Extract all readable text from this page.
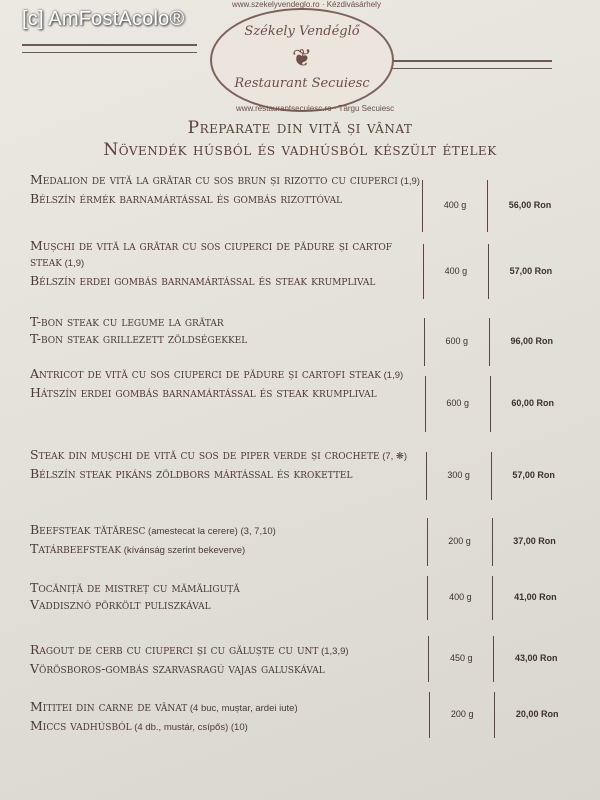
[c] AmFostAcolo®
Székely Vendéglő
❦
Restaurant Secuiesc
www.szekelyvendeglo.ro · Kézdivásárhely
www.restaurantsecuiesc.ro · Târgu Secuiesc
Preparate din vită și vânat
Növendék húsból és vadhúsból készült ételek
Medalion de vită la grătar cu sos brun și rizotto cu ciuperci (1,9)
Bélszín érmék barnamártással és gombás rizottóval	400 g	56,00 Ron
Mușchi de vită la grătar cu sos ciuperci de pădure și cartof steak (1,9)
Bélszín erdei gombás barnamártással és steak krumplival
400 g	57,00 Ron
T-bon steak cu legume la grătar
T-bon steak grillezett zöldségekkel	600 g	96,00 Ron
Antricot de vită cu sos ciuperci de pădure și cartofi steak (1,9)
Hátszín erdei gombás barnamártással és steak krumplival
600 g	60,00 Ron
Steak din mușchi de vită cu sos de piper verde și crochete (7, ❋)
Bélszín steak pikáns zöldbors mártással és krokettel	300 g	57,00 Ron
Beefsteak tătăresc (amestecat la cerere) (3, 7,10)
Tatárbeefsteak (kívánság szerint bekeverve)
200 g	37,00 Ron
Tocăniță de mistreț cu mămăliguță
Vaddisznó pörkölt puliszkával	400 g	41,00 Ron
Ragout de cerb cu ciuperci și cu găluște cu unt (1,3,9)
Vörösboros-gombás szarvasragú vajas galuskával
450 g	43,00 Ron
Mititei din carne de vânat (4 buc, muștar, ardei iute)
Miccs vadhúsból (4 db., mustár, csípős) (10)
200 g	20,00 Ron
